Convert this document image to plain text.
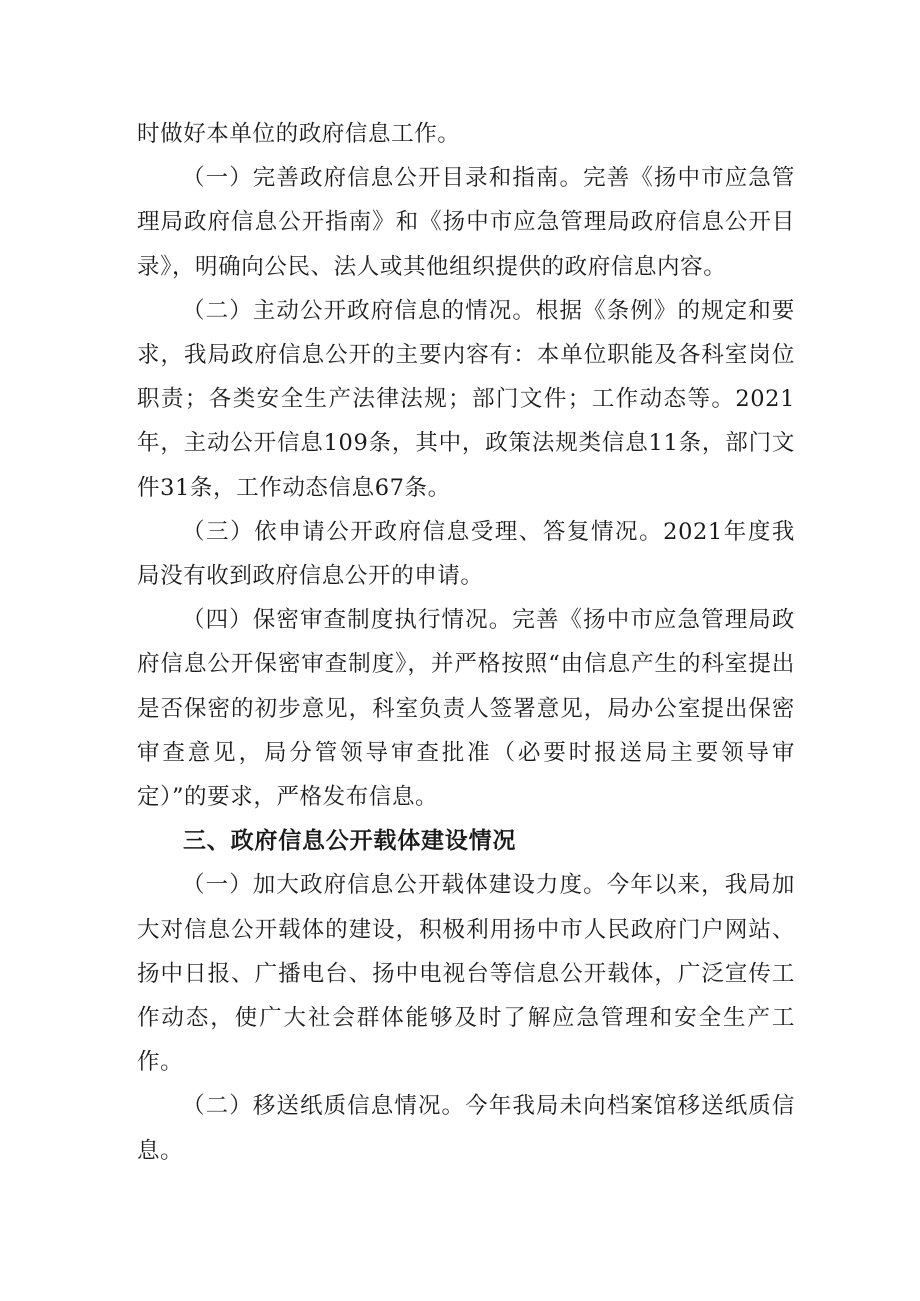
时做好本单位的政府信息工作。

（一）完善政府信息公开目录和指南。完善《扬中市应急管理局政府信息公开指南》和《扬中市应急管理局政府信息公开目录》，明确向公民、法人或其他组织提供的政府信息内容。

（二）主动公开政府信息的情况。根据《条例》的规定和要求，我局政府信息公开的主要内容有：本单位职能及各科室岗位职责；各类安全生产法律法规；部门文件；工作动态等。2021年，主动公开信息109条，其中，政策法规类信息11条，部门文件31条，工作动态信息67条。

（三）依申请公开政府信息受理、答复情况。2021年度我局没有收到政府信息公开的申请。

（四）保密审查制度执行情况。完善《扬中市应急管理局政府信息公开保密审查制度》，并严格按照“由信息产生的科室提出是否保密的初步意见，科室负责人签署意见，局办公室提出保密审查意见，局分管领导审查批准（必要时报送局主要领导审定）”的要求，严格发布信息。

三、政府信息公开载体建设情况

（一）加大政府信息公开载体建设力度。今年以来，我局加大对信息公开载体的建设，积极利用扬中市人民政府门户网站、扬中日报、广播电台、扬中电视台等信息公开载体，广泛宣传工作动态，使广大社会群体能够及时了解应急管理和安全生产工作。

（二）移送纸质信息情况。今年我局未向档案馆移送纸质信息。
